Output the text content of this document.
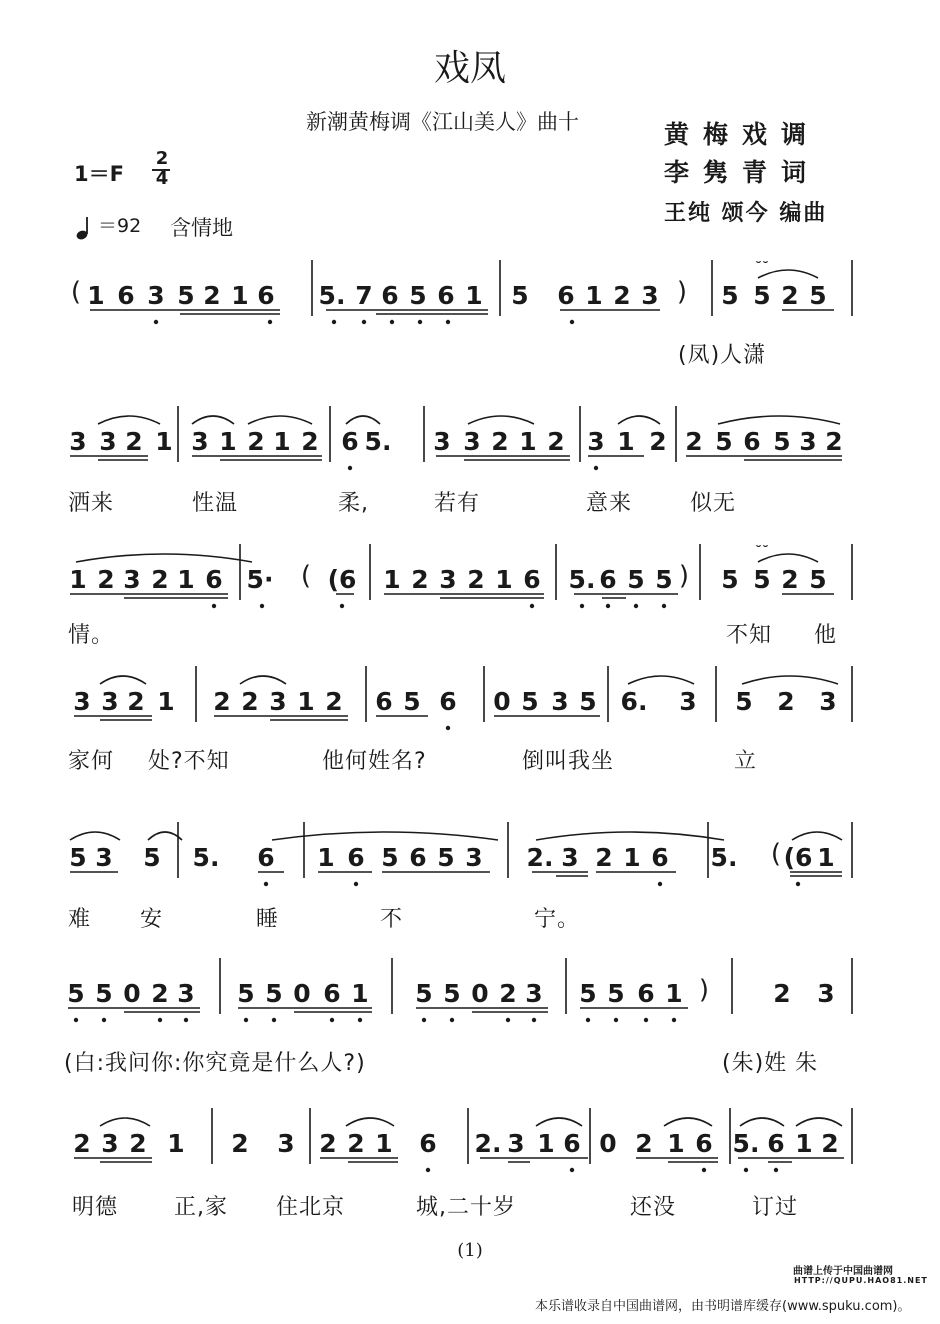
戏凤
新潮黄梅调《江山美人》曲十	黄梅戏调
李隽青词
王纯 颂今 编曲
1＝F
2
4
＝92 含情地
1 6 3 5 2 1 6 5. 7 6 5 6 1 5 6 1 2 3	5 5 2 5
(	)
3 3 2 1 3 1 2 1 2 6 5. 3 3 2 1 2 3 1 2 2 5 6 5 3 2
1 2 3 2 1 6 5· (6 1 2 3 2 1 6 5. 6 5 5 5 5 2 5
(	)
3 3 2 1 2 2 3 1 2 6 5 6 0 5 3 5 6. 3 5 2 3
5 3 5 5. 6 1 6 5 6 5 3 2. 3 2 1 6 5. (6 1
(
5 5 0 2 3 5 5 0 6 1 5 5 0 2 3 5 5 6 1	2 3
)
2 3 2 1 2 3 2 2 1 6 2. 3 1 6 0 2 1 6 5. 6 1 2
˘˘
˘˘
(凤)人潇
洒来	性温	柔,	若有	意来	似无
情。	不知 他
家何 处?不知	他何姓名?	倒叫我坐	立
难 安	睡	不	宁。
(白:我问你:你究竟是什么人?)	(朱)姓 朱
明德	正,家 住北京	城,二十岁	还没	订过
(1)
曲谱上传于中国曲谱网
HTTP://QUPU.HAO81.NET
本乐谱收录自中国曲谱网，由书明谱库缓存(www.spuku.com)。
